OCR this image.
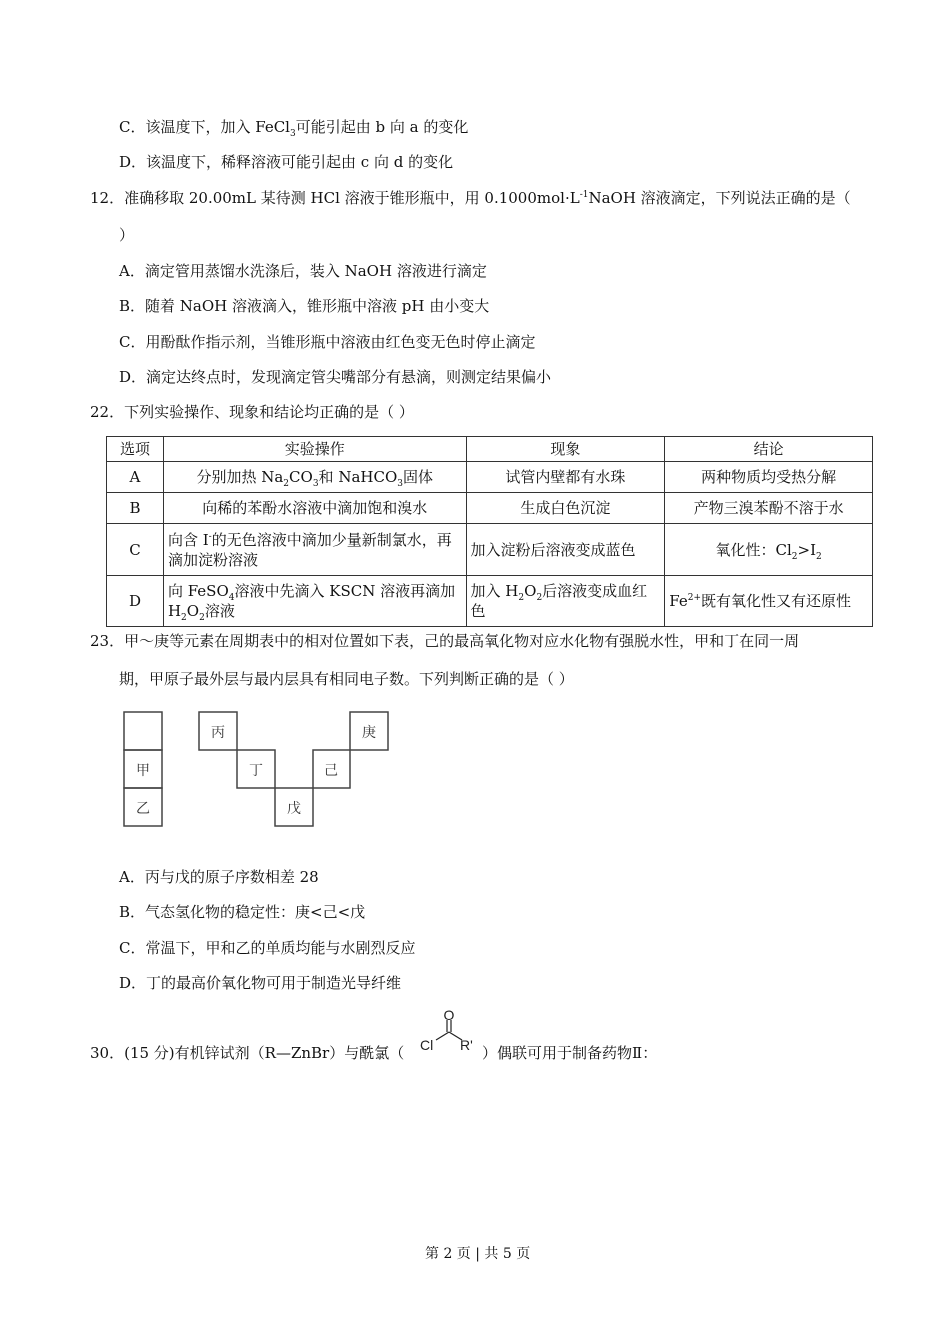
C．该温度下，加入 FeCl$_3$可能引起由 b 向 a 的变化
D．该温度下，稀释溶液可能引起由 c 向 d 的变化
12．准确移取 20.00mL 某待测 HCl 溶液于锥形瓶中，用 $0.1000mol\cdot L^{-1}NaOH$ 溶液滴定，下列说法正确的是（
）
A．滴定管用蒸馏水洗涤后，装入 NaOH 溶液进行滴定
B．随着 NaOH 溶液滴入，锥形瓶中溶液 pH 由小变大
C．用酚酞作指示剂，当锥形瓶中溶液由红色变无色时停止滴定
D．滴定达终点时，发现滴定管尖嘴部分有悬滴，则测定结果偏小
22．下列实验操作、现象和结论均正确的是（ ）
选项	实验操作	现象	结论
A	分别加热 $Na_2CO_3$和 NaHCO$_3$固体	试管内壁都有水珠	两种物质均受热分解
B	向稀的苯酚水溶液中滴加饱和溴水	生成白色沉淀	产物三溴苯酚不溶于水
C	向含 I-的无色溶液中滴加少量新制氯水，再滴加淀粉溶液	加入淀粉后溶液变成蓝色	氧化性：$Cl_2>I_2$
D	向 FeSO$_4$溶液中先滴入 KSCN 溶液再滴加 $H_2O_2$溶液	加入 $H_2O_2$后溶液变成血红色	$Fe^{2+}$既有氧化性又有还原性
23．甲～庚等元素在周期表中的相对位置如下表，己的最高氧化物对应水化物有强脱水性，甲和丁在同一周
期，甲原子最外层与最内层具有相同电子数。下列判断正确的是（ ）
甲
乙
丙
丁
戊
己
庚
A．丙与戊的原子序数相差 28
B．气态氢化物的稳定性：庚<己<戊
C．常温下，甲和乙的单质均能与水剧烈反应
D．丁的最高价氧化物可用于制造光导纤维
30．(15 分)有机锌试剂（R—ZnBr）与酰氯（
O
Cl R' ）偶联可用于制备药物Ⅱ：
第 2 页 | 共 5 页
